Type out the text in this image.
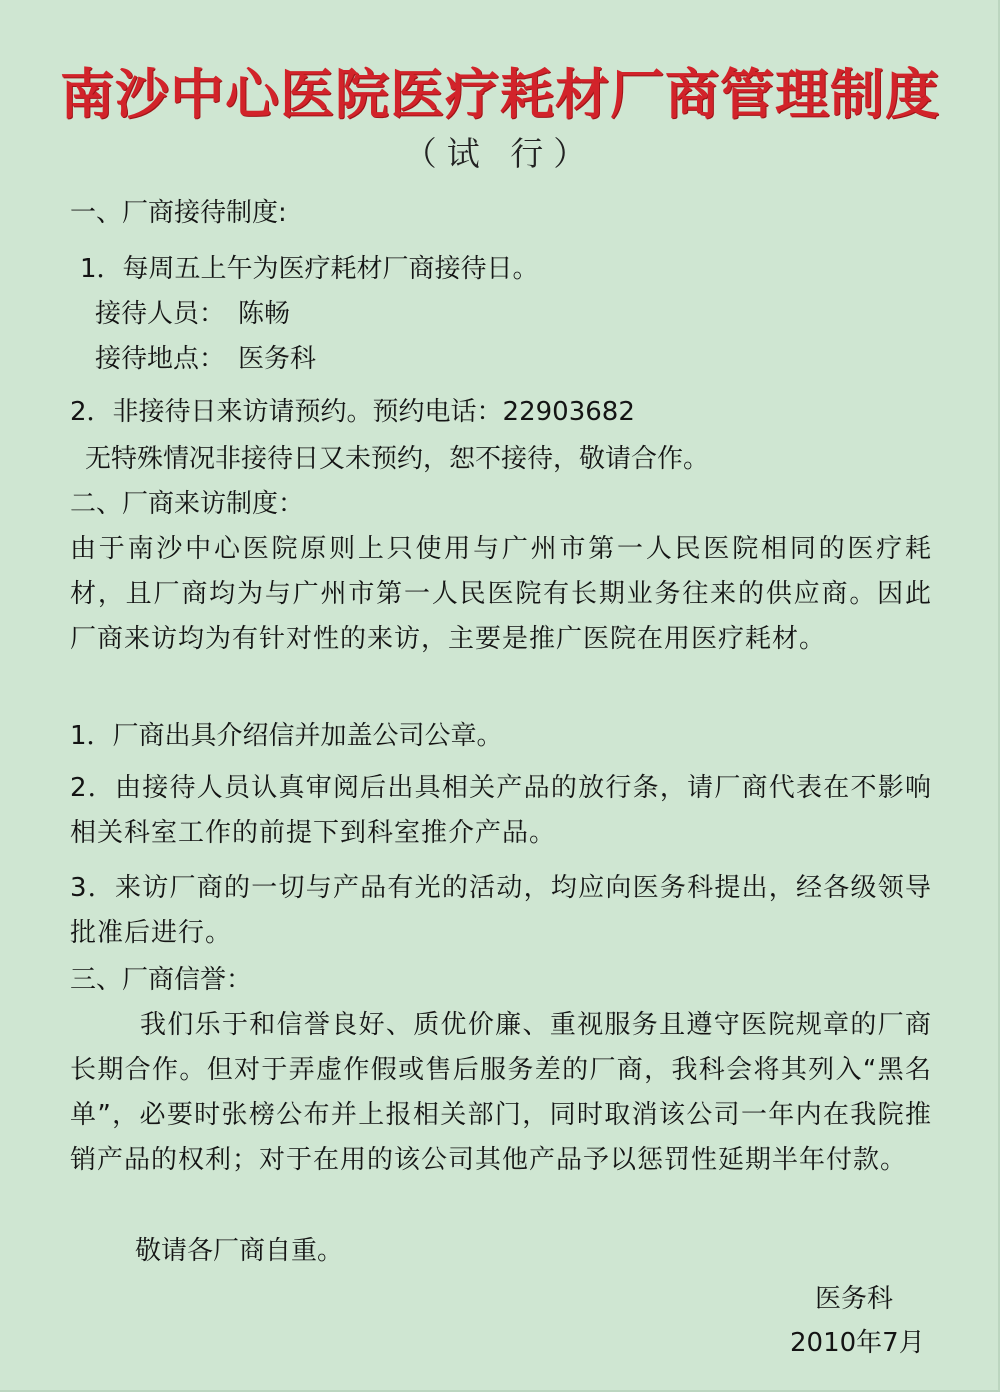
南沙中心医院医疗耗材厂商管理制度
（试 行）
一、厂商接待制度:
1．每周五上午为医疗耗材厂商接待日。
接待人员：　陈畅
接待地点：　医务科
2．非接待日来访请预约。预约电话：22903682
无特殊情况非接待日又未预约，恕不接待，敬请合作。
二、厂商来访制度：
由于南沙中心医院原则上只使用与广州市第一人民医院相同的医疗耗材，且厂商均为与广州市第一人民医院有长期业务往来的供应商。因此厂商来访均为有针对性的来访，主要是推广医院在用医疗耗材。
1．厂商出具介绍信并加盖公司公章。
2．由接待人员认真审阅后出具相关产品的放行条，请厂商代表在不影响相关科室工作的前提下到科室推介产品。
3．来访厂商的一切与产品有光的活动，均应向医务科提出，经各级领导批准后进行。
三、厂商信誉：
我们乐于和信誉良好、质优价廉、重视服务且遵守医院规章的厂商长期合作。但对于弄虚作假或售后服务差的厂商，我科会将其列入“黑名单”，必要时张榜公布并上报相关部门，同时取消该公司一年内在我院推销产品的权利；对于在用的该公司其他产品予以惩罚性延期半年付款。
敬请各厂商自重。
医务科
2010年7月
